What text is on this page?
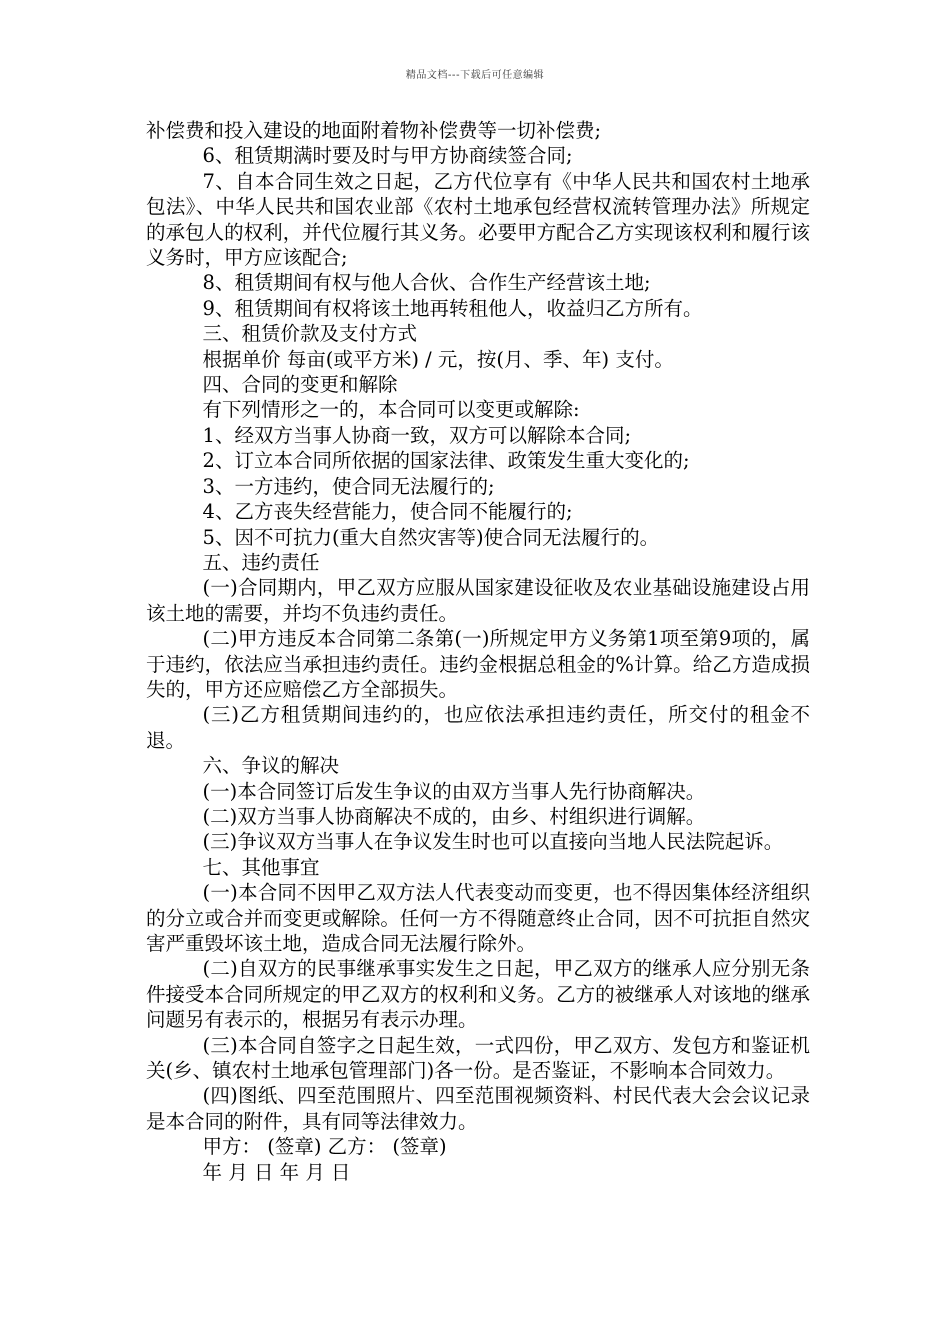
精品文档---下载后可任意编辑

补偿费和投入建设的地面附着物补偿费等一切补偿费;

6、租赁期满时要及时与甲方协商续签合同;

7、自本合同生效之日起，乙方代位享有《中华人民共和国农村土地承包法》、中华人民共和国农业部《农村土地承包经营权流转管理办法》所规定的承包人的权利，并代位履行其义务。必要甲方配合乙方实现该权利和履行该义务时，甲方应该配合;

8、租赁期间有权与他人合伙、合作生产经营该土地;

9、租赁期间有权将该土地再转租他人，收益归乙方所有。

三、租赁价款及支付方式

根据单价 每亩(或平方米) / 元，按(月、季、年) 支付。

四、合同的变更和解除

有下列情形之一的，本合同可以变更或解除:

1、经双方当事人协商一致，双方可以解除本合同;

2、订立本合同所依据的国家法律、政策发生重大变化的;

3、一方违约，使合同无法履行的;

4、乙方丧失经营能力，使合同不能履行的;

5、因不可抗力(重大自然灾害等)使合同无法履行的。

五、违约责任

(一)合同期内，甲乙双方应服从国家建设征收及农业基础设施建设占用该土地的需要，并均不负违约责任。

(二)甲方违反本合同第二条第(一)所规定甲方义务第1项至第9项的，属于违约，依法应当承担违约责任。违约金根据总租金的%计算。给乙方造成损失的，甲方还应赔偿乙方全部损失。

(三)乙方租赁期间违约的，也应依法承担违约责任，所交付的租金不退。

六、争议的解决

(一)本合同签订后发生争议的由双方当事人先行协商解决。

(二)双方当事人协商解决不成的，由乡、村组织进行调解。

(三)争议双方当事人在争议发生时也可以直接向当地人民法院起诉。

七、其他事宜

(一)本合同不因甲乙双方法人代表变动而变更，也不得因集体经济组织的分立或合并而变更或解除。任何一方不得随意终止合同，因不可抗拒自然灾害严重毁坏该土地，造成合同无法履行除外。

(二)自双方的民事继承事实发生之日起，甲乙双方的继承人应分别无条件接受本合同所规定的甲乙双方的权利和义务。乙方的被继承人对该地的继承问题另有表示的，根据另有表示办理。

(三)本合同自签字之日起生效，一式四份，甲乙双方、发包方和鉴证机关(乡、镇农村土地承包管理部门)各一份。是否鉴证，不影响本合同效力。

(四)图纸、四至范围照片、四至范围视频资料、村民代表大会会议记录是本合同的附件，具有同等法律效力。

甲方： (签章) 乙方： (签章)

年 月 日 年 月 日
